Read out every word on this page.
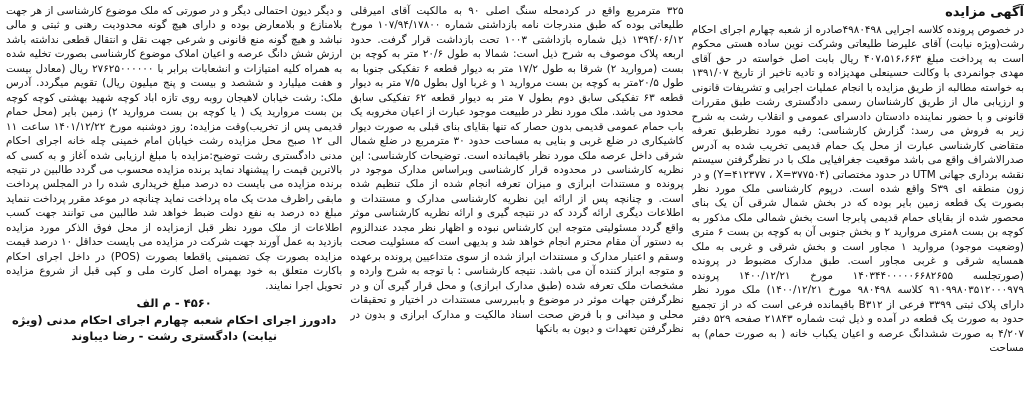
آگهی مزایده

در خصوص پرونده کلاسه اجرایی ۴۹۸۰۴۹۸صادره از شعبه چهارم اجرای احکام رشت(ویژه نیابت) آقای علیرضا طلیعاتی وشرکت نوین ساده هستی محکوم است به پرداخت مبلغ ۴۰۷،۵۱۶،۶۶۳ ریال بابت اصل خواسته در حق آقای مهدی جوانمردی با وکالت حسینعلی مهدیزاده و تادیه تاخیر از تاریخ ۱۳۹۱/۰۷ به خواسته مطالبه از طریق مزایده با انجام عملیات اجرایی و تشریفات قانونی و ارزیابی مال از طریق کارشناسان رسمی دادگستری رشت طبق مقررات قانونی و با حضور نماینده دادستان دادسرای عمومی و انقلاب رشت به شرح زیر به فروش می رسد: گزارش کارشناسی: رقبه مورد نظرطبق تعرفه متقاضی کارشناسی عبارت از محل یک حمام قدیمی تخریب شده به آدرس صدرالاشراف واقع می باشد موقعیت جغرافیایی ملک با در نظرگرفتن سیستم نقشه برداری جهانی UTM در حدود مختصاتی (Y=۴۱۲۳۷۷ ، X=۳۷۷۵۰۴) و در زون منطقه ای S۳۹ واقع شده است. درپوم کارشناسی ملک مورد نظر بصورت یک قطعه زمین بایر بوده که در بخش شمال شرقی آن یک بنای محصور شده از بقایای حمام قدیمی پابرجا است بخش شمالی ملک مذکور به کوچه بن بست ۸متری مروارید ۲ و بخش جنوبی آن به کوچه بن بست ۶ متری (وضعیت موجود) مروارید ۱ مجاور است و بخش شرقی و غربی به ملک همسایه شرقی و غربی مجاور است. طبق مدارک مضبوط در پرونده (صورتجلسه ۱۴۰۳۴۴۰۰۰۰۰۶۶۸۲۶۵۵ مورخ ۱۴۰۰/۱۲/۲۱ پرونده ۹۱۰۹۹۸۰۳۵۱۲۰۰۰۹۷۹ کلاسه ۹۸۰۴۹۸ مورخ ۱۴۰۰/۱۲/۲۱) ملک مورد نظر دارای پلاک ثبتی ۳۳۹۹ فرعی از B۳۱۲ باقیمانده فرعی است که در از تجمیع حدود به صورت یک قطعه در آمده و ذیل ثبت شماره ۲۱۸۴۳ صفحه ۵۲۹ دفتر ۴/۲۰۷ به صورت ششدانگ عرصه و اعیان یکباب خانه ( به صورت حمام) به مساحت

۳۲۵ مترمربع واقع در کردمحله سنگ اصلی ۹۰ به مالکیت آقای امیرقلی طلیعاتی بوده که طبق مندرجات نامه بازداشتی شماره ۱۰۷/۹۴/۱۷۸۰۰ مورخ ۱۳۹۴/۰۶/۱۲ ذیل شماره بازداشتی ۱۰۰۳ تحت بازداشت قرار گرفت. حدود اربعه پلاک موصوف به شرح ذیل است: شمالا به طول ۲۰/۶ متر به کوچه بن بست (مروارید ۲) شرقا به طول ۱۷/۲ متر به دیوار قطعه ۶ تفکیکی جنوبا به طول ۲۰/۵متر به کوچه بن بست مروارید ۱ و غربا اول بطول ۷/۵ متر به دیوار قطعه ۶۳ تفکیکی سابق دوم بطول ۷ متر به دیوار قطعه ۶۲ تفکیکی سابق محدود می باشد. ملک مورد نظر در طبیعت موجود عبارت از اعیان مخروبه یک باب حمام عمومی قدیمی بدون حصار که تنها بقایای بنای قبلی به صورت دیوار کاشیکاری در ضلع غربی و بنایی به مساحت حدود ۳۰ مترمربع در ضلع شمال شرقی داخل عرصه ملک مورد نظر باقیمانده است. توضیحات کارشناسی: این نظریه کارشناسی در محدوده قرار کارشناسی وبراساس مدارک موجود در پرونده و مستندات ابرازی و میزان تعرفه انجام شده از ملک تنظیم شده است. و چنانچه پس از ارائه این نظریه کارشناسی مدارک و مستندات و اطلاعات دیگری ارائه گردد که در نتیجه گیری و ارائه نظریه کارشناسی موثر واقع گردد مسئولیتی متوجه این کارشناس نبوده و اظهار نظر مجدد عندالزوم به دستور آن مقام محترم انجام خواهد شد و بدیهی است که مسئولیت صحت وسقم و اعتبار مدارک و مستندات ابراز شده از سوی متداعیین پرونده برعهده و متوجه ابراز کننده آن می باشد. نتیجه کارشناسی : با توجه به شرح وارده و مشخصات ملک تعرفه شده (طبق مدارک ابرازی) و محل قرار گیری آن و در نظرگرفتن جهات موثر در موضوع و باببررسی مستندات در اختیار و تحقیقات محلی و میدانی و با فرض صحت اسناد مالکیت و مدارک ابرازی و بدون در نظرگرفتن تعهدات و دیون به بانکها

و دیگر دیون احتمالی دیگر و در صورتی که ملک موضوع کارشناسی از هر جهت بلامنازع و بلامعارض بوده و دارای هیچ گونه محدودیت رهنی و ثبتی و مالی نباشد و هیچ گونه منع قانونی و شرعی جهت نقل و انتقال قطعی نداشته باشد ارزش شش دانگ عرصه و اعیان املاک موضوع کارشناسی بصورت تخلیه شده به همراه کلیه امتیازات و انشعابات برابر با ۲۷۶۲۵۰۰۰۰۰۰ ریال (معادل بیست و هفت میلیارد و ششصد و بیست و پنج میلیون ریال) تقویم میگردد. آدرس ملک: رشت خیابان لاهیجان روبه روی تازه اباد کوچه شهید بهشتی کوچه کوچه بن بست مروارید یک ( یا کوچه بن بست مروارید ۲) زمین بایر (محل حمام قدیمی پس از تخریب)وقت مزایده: روز دوشنبه مورخ ۱۴۰۱/۱۲/۲۲ ساعت ۱۱ الی ۱۲ صبح محل مزایده رشت خیابان امام خمینی چله خانه اجرای احکام مدنی دادگستری رشت توضیح:مزایده با مبلغ ارزیابی شده آغاز و به کسی که بالاترین قیمت را پیشنهاد نماید برنده مزایده محسوب می گردد طالبین در نتیجه برنده مزایده می بایست ده درصد مبلغ خریداری شده را در المجلس پرداخت مابقی راظرف مدت یک ماه پرداخت نماید چنانچه در موعد مقرر پرداخت ننماید مبلغ ده درصد به نفع دولت ضبط خواهد شد طالبین می توانند جهت کسب اطلاعات از ملک مورد نظر قبل ازمزایده از محل فوق الذکر مورد مزایده بازدید به عمل آورند جهت شرکت در مزایده می بایست حداقل ۱۰ درصد قیمت مزایده بصورت چک تضمینی یاقطعا بصورت (POS) در داخل اجرای احکام باکارت متعلق به خود بهمراه اصل کارت ملی و کپی قبل از شروع مزایده تحویل اجرا نمایند.

۴۵۶۰ - م الف

دادورز اجرای احکام شعبه چهارم اجرای احکام مدنی (ویژه نیابت) دادگستری رشت - رضا دیباوند
